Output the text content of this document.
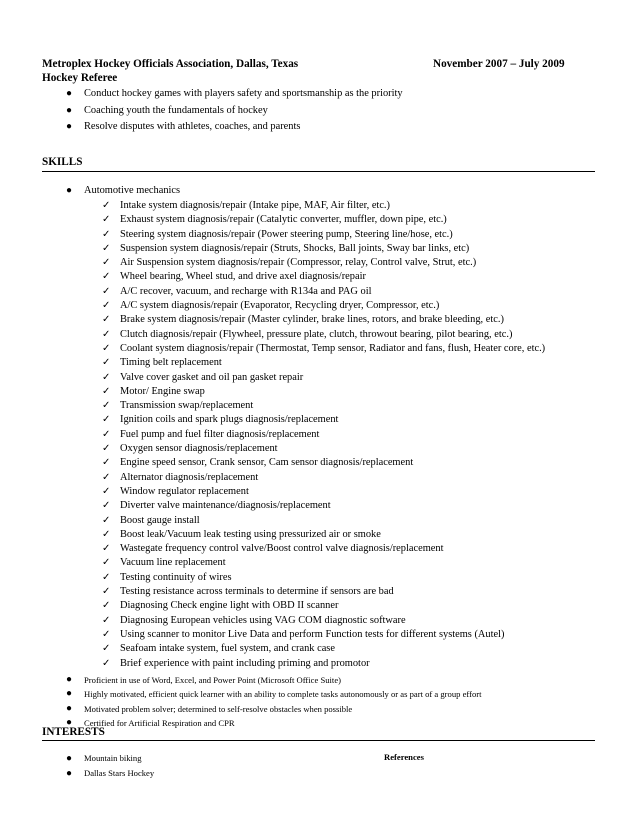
Metroplex Hockey Officials Association, Dallas, Texas	November 2007 – July 2009
Hockey Referee
● Conduct hockey games with players safety and sportsmanship as the priority
● Coaching youth the fundamentals of hockey
● Resolve disputes with athletes, coaches, and parents
SKILLS
● Automotive mechanics
✓ Intake system diagnosis/repair (Intake pipe, MAF, Air filter, etc.)
✓ Exhaust system diagnosis/repair (Catalytic converter, muffler, down pipe, etc.)
✓ Steering system diagnosis/repair (Power steering pump, Steering line/hose, etc.)
✓ Suspension system diagnosis/repair (Struts, Shocks, Ball joints, Sway bar links, etc)
✓ Air Suspension system diagnosis/repair (Compressor, relay, Control valve, Strut, etc.)
✓ Wheel bearing, Wheel stud, and drive axel diagnosis/repair
✓ A/C recover, vacuum, and recharge with R134a and PAG oil
✓ A/C system diagnosis/repair (Evaporator, Recycling dryer, Compressor, etc.)
✓ Brake system diagnosis/repair (Master cylinder, brake lines, rotors, and brake bleeding, etc.)
✓ Clutch diagnosis/repair (Flywheel, pressure plate, clutch, throwout bearing, pilot bearing, etc.)
✓ Coolant system diagnosis/repair (Thermostat, Temp sensor, Radiator and fans, flush, Heater core, etc.)
✓ Timing belt replacement
✓ Valve cover gasket and oil pan gasket repair
✓ Motor/ Engine swap
✓ Transmission swap/replacement
✓ Ignition coils and spark plugs diagnosis/replacement
✓ Fuel pump and fuel filter diagnosis/replacement
✓ Oxygen sensor diagnosis/replacement
✓ Engine speed sensor, Crank sensor, Cam sensor diagnosis/replacement
✓ Alternator diagnosis/replacement
✓ Window regulator replacement
✓ Diverter valve maintenance/diagnosis/replacement
✓ Boost gauge install
✓ Boost leak/Vacuum leak testing using pressurized air or smoke
✓ Wastegate frequency control valve/Boost control valve diagnosis/replacement
✓ Vacuum line replacement
✓ Testing continuity of wires
✓ Testing resistance across terminals to determine if sensors are bad
✓ Diagnosing Check engine light with OBD II scanner
✓ Diagnosing European vehicles using VAG COM diagnostic software
✓ Using scanner to monitor Live Data and perform Function tests for different systems (Autel)
✓ Seafoam intake system, fuel system, and crank case
✓ Brief experience with paint including priming and promotor
● Proficient in use of Word, Excel, and Power Point (Microsoft Office Suite)
● Highly motivated, efficient quick learner with an ability to complete tasks autonomously or as part of a group effort
● Motivated problem solver; determined to self-resolve obstacles when possible
● Certified for Artificial Respiration and CPR
INTERESTS
● Mountain biking
● Dallas Stars Hockey
References
